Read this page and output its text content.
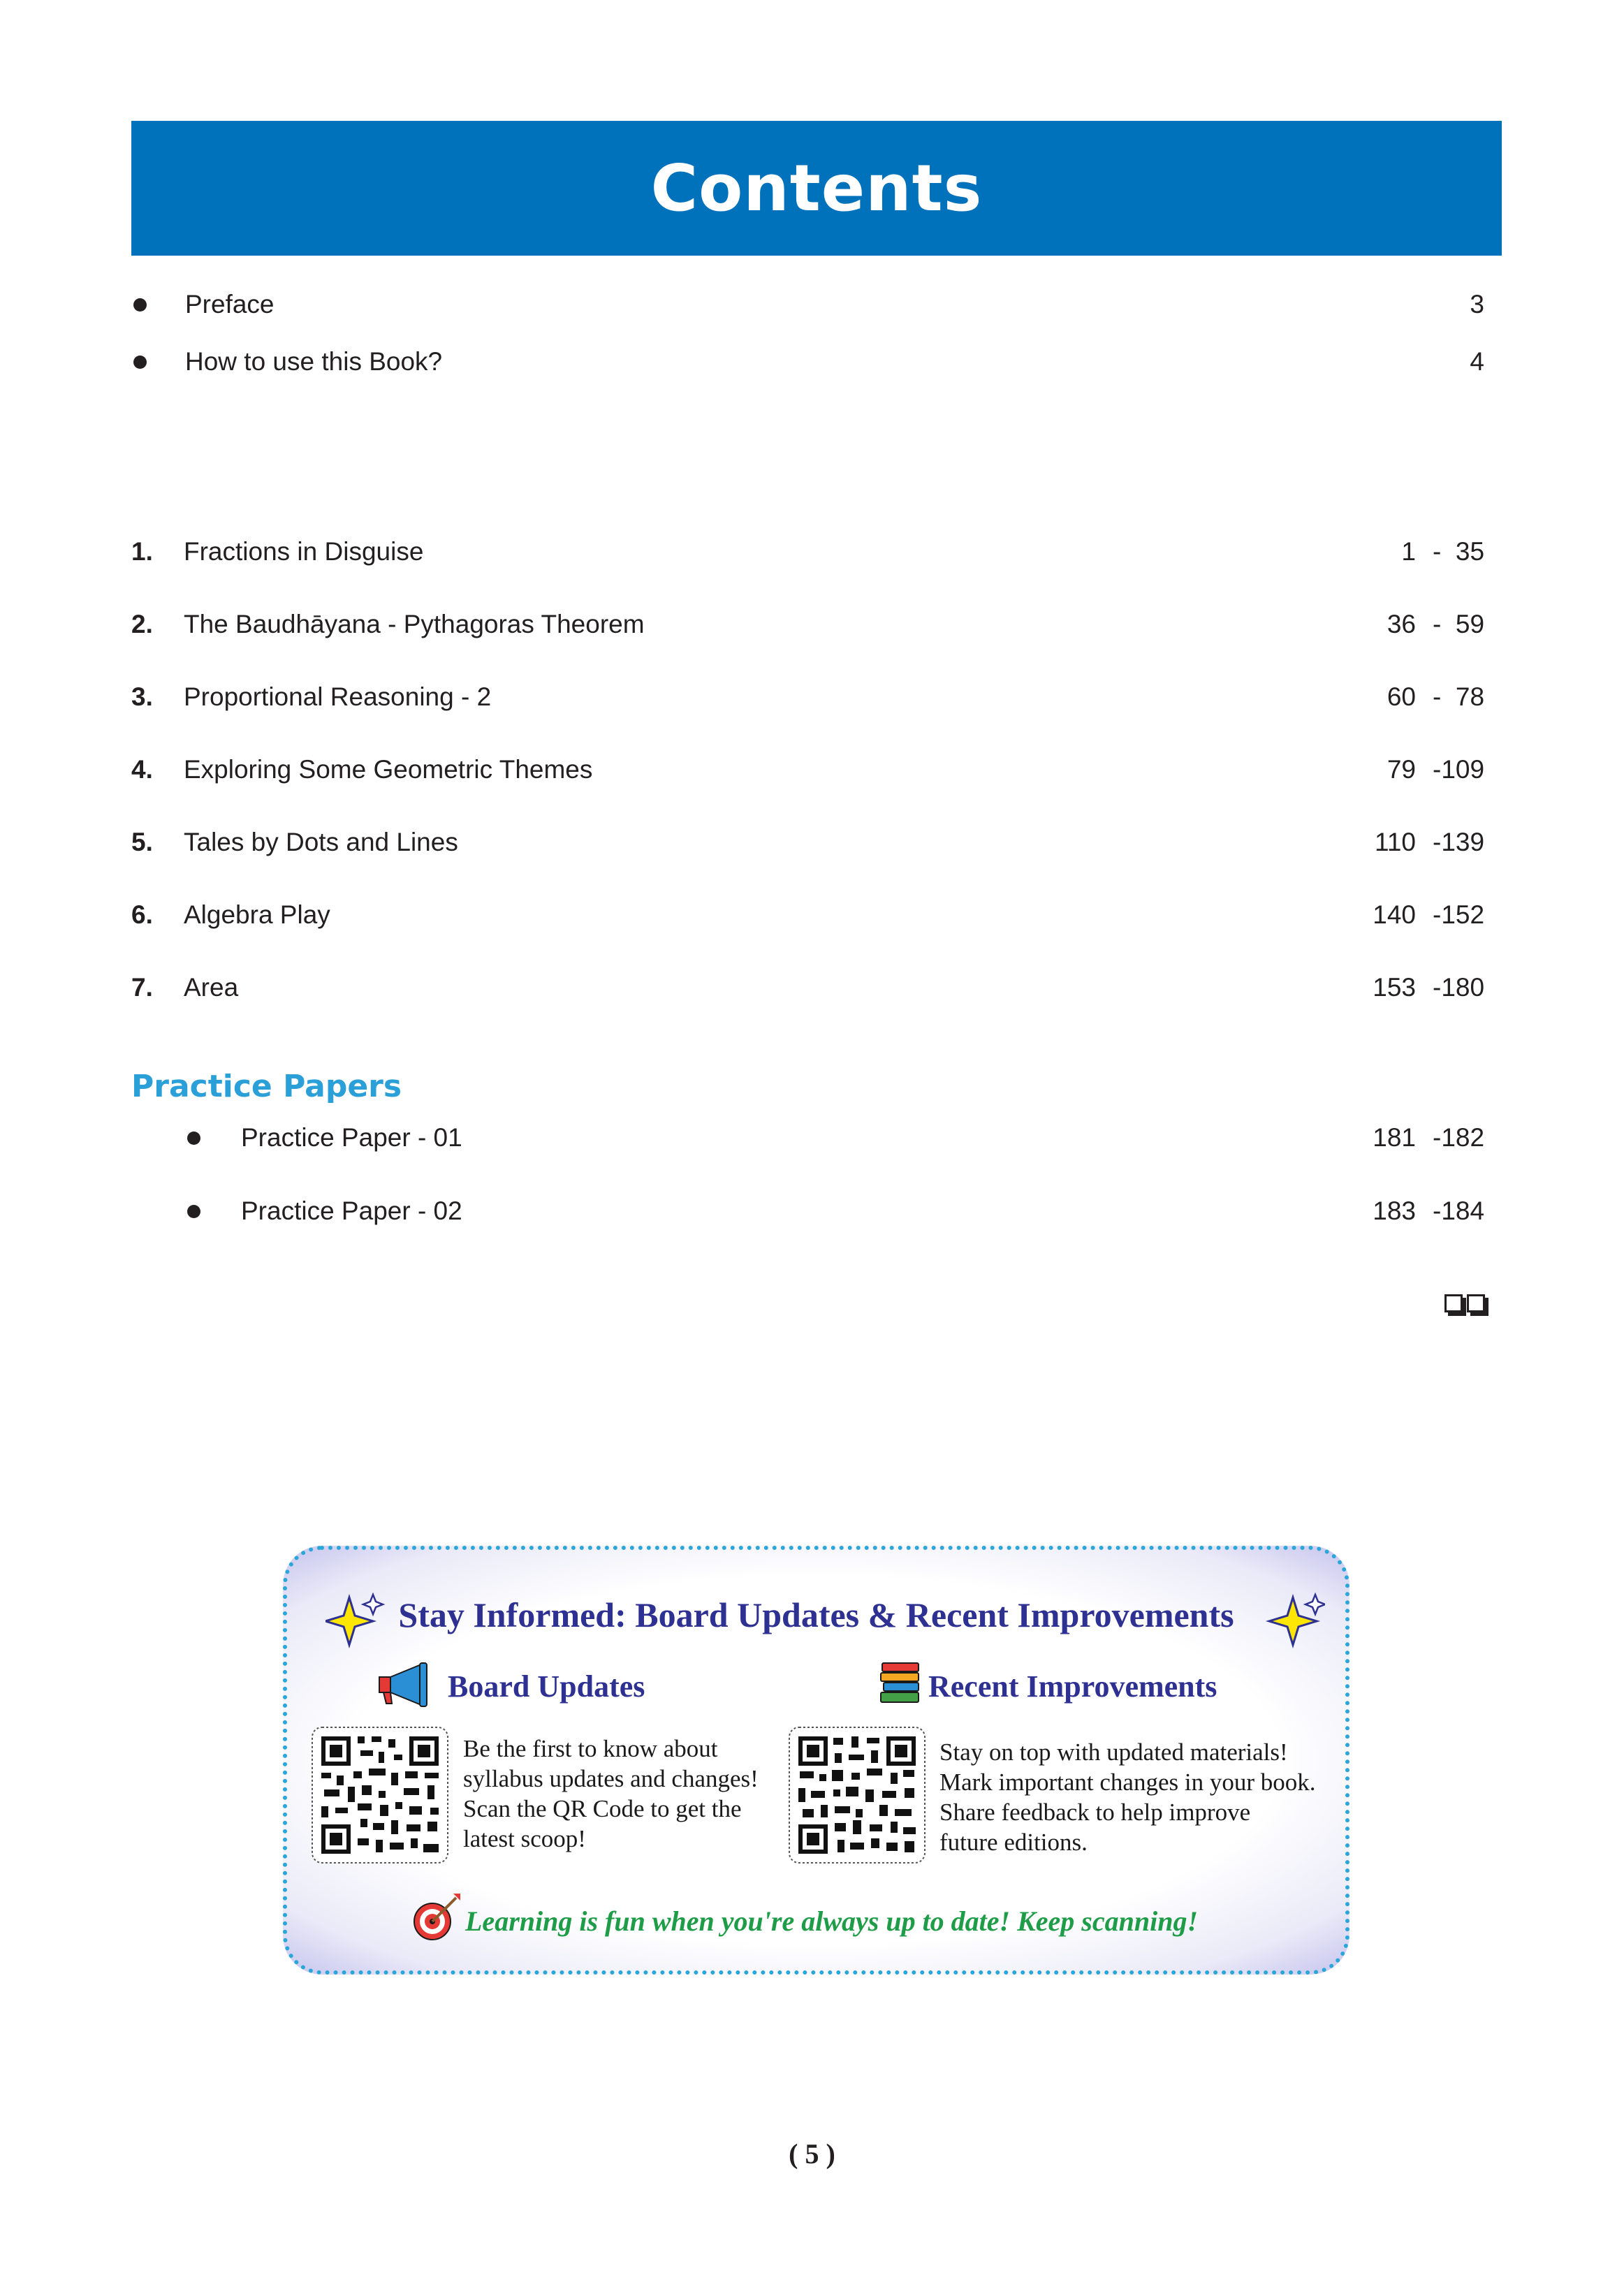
Contents
Preface	3
How to use this Book?	4
1. Fractions in Disguise	1 -  35
2. The Baudhāyana - Pythagoras Theorem	36 -  59
3. Proportional Reasoning - 2	60 -  78
4. Exploring Some Geometric Themes	79 -109
5. Tales by Dots and Lines	110 -139
6. Algebra Play	140 -152
7. Area	153 -180
Practice Papers
Practice Paper - 01	181 -182
Practice Paper - 02	183 -184
Stay Informed: Board Updates & Recent Improvements
Board Updates
Be the first to know about
syllabus updates and changes!
Scan the QR Code to get the
latest scoop!
Recent Improvements
Stay on top with updated materials!
Mark important changes in your book.
Share feedback to help improve
future editions.
Learning is fun when you're always up to date! Keep scanning!
( 5 )
